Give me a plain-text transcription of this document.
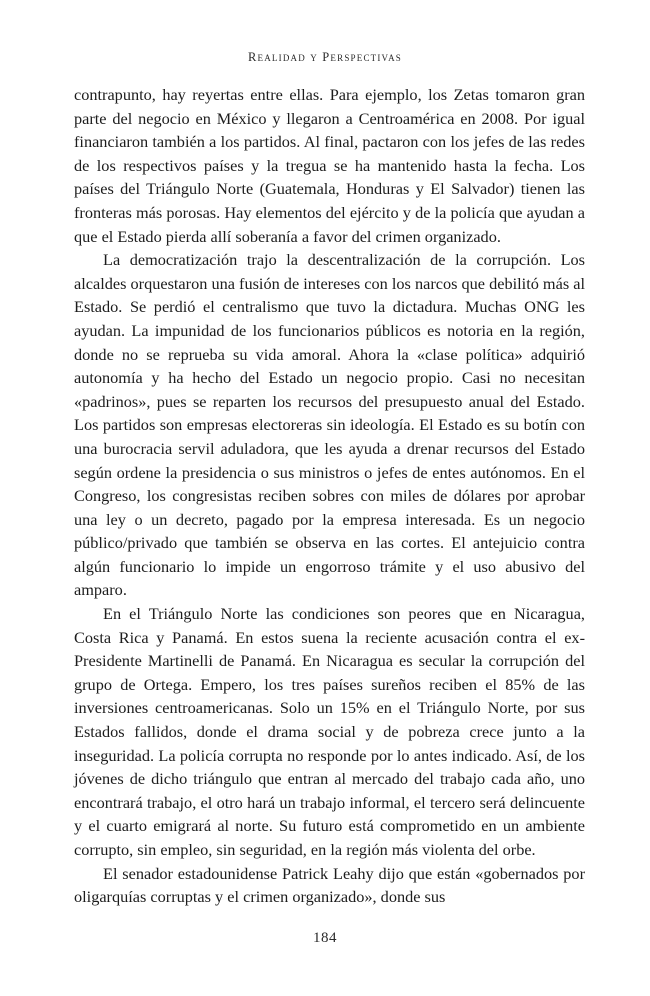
Realidad y Perspectivas

contrapunto, hay reyertas entre ellas. Para ejemplo, los Zetas tomaron gran parte del negocio en México y llegaron a Centroamérica en 2008. Por igual financiaron también a los partidos. Al final, pactaron con los jefes de las redes de los respectivos países y la tregua se ha mantenido hasta la fecha. Los países del Triángulo Norte (Guatemala, Honduras y El Salvador) tienen las fronteras más porosas. Hay elementos del ejército y de la policía que ayudan a que el Estado pierda allí soberanía a favor del crimen organizado.

La democratización trajo la descentralización de la corrupción. Los alcaldes orquestaron una fusión de intereses con los narcos que debilitó más al Estado. Se perdió el centralismo que tuvo la dictadura. Muchas ONG les ayudan. La impunidad de los funcionarios públicos es notoria en la región, donde no se reprueba su vida amoral. Ahora la «clase política» adquirió autonomía y ha hecho del Estado un negocio propio. Casi no necesitan «padrinos», pues se reparten los recursos del presupuesto anual del Estado. Los partidos son empresas electoreras sin ideología. El Estado es su botín con una burocracia servil aduladora, que les ayuda a drenar recursos del Estado según ordene la presidencia o sus ministros o jefes de entes autónomos. En el Congreso, los congresistas reciben sobres con miles de dólares por aprobar una ley o un decreto, pagado por la empresa interesada. Es un negocio público/privado que también se observa en las cortes. El antejuicio contra algún funcionario lo impide un engorroso trámite y el uso abusivo del amparo.

En el Triángulo Norte las condiciones son peores que en Nicaragua, Costa Rica y Panamá. En estos suena la reciente acusación contra el ex-Presidente Martinelli de Panamá. En Nicaragua es secular la corrupción del grupo de Ortega. Empero, los tres países sureños reciben el 85% de las inversiones centroamericanas. Solo un 15% en el Triángulo Norte, por sus Estados fallidos, donde el drama social y de pobreza crece junto a la inseguridad. La policía corrupta no responde por lo antes indicado. Así, de los jóvenes de dicho triángulo que entran al mercado del trabajo cada año, uno encontrará trabajo, el otro hará un trabajo informal, el tercero será delincuente y el cuarto emigrará al norte. Su futuro está comprometido en un ambiente corrupto, sin empleo, sin seguridad, en la región más violenta del orbe.

El senador estadounidense Patrick Leahy dijo que están «gobernados por oligarquías corruptas y el crimen organizado», donde sus

184
